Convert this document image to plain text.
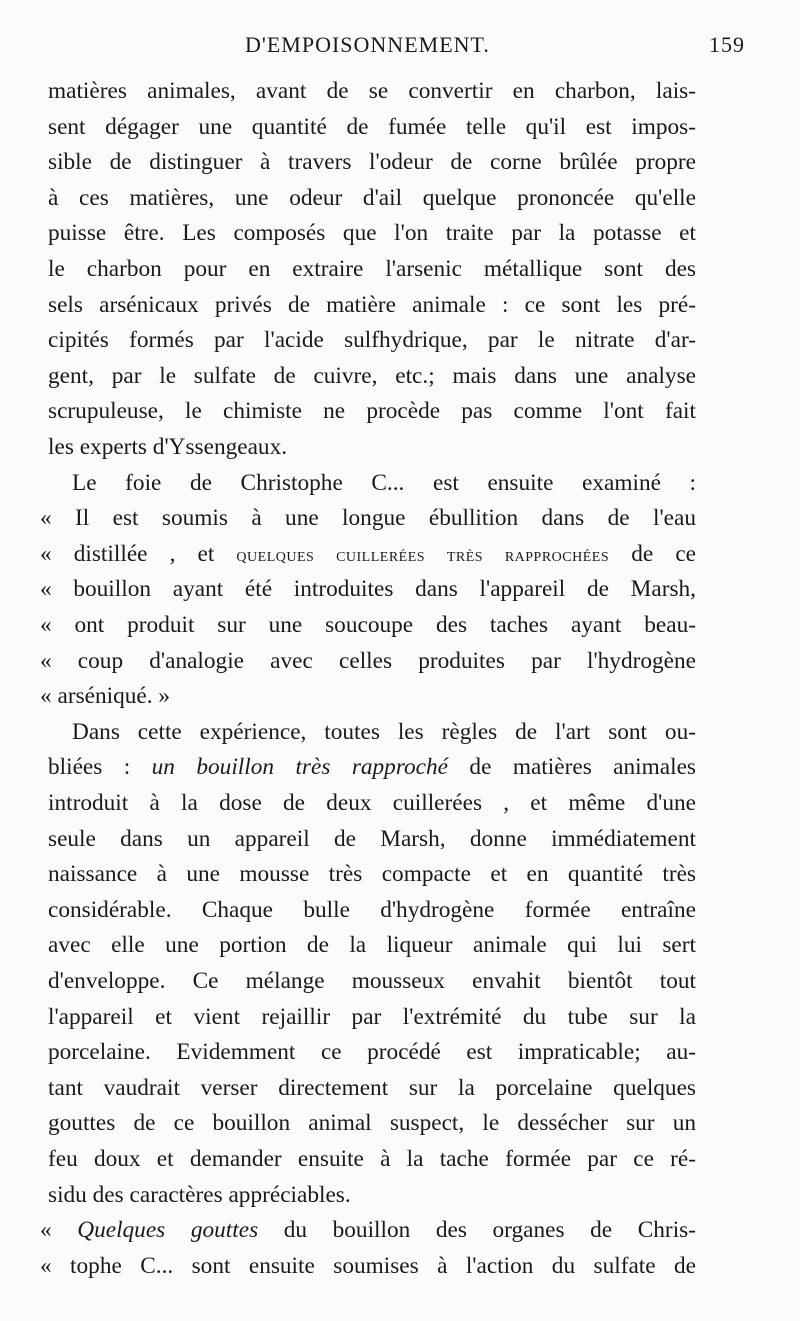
D'EMPOISONNEMENT.	159
matières animales, avant de se convertir en charbon, lais-
sent dégager une quantité de fumée telle qu'il est impos-
sible de distinguer à travers l'odeur de corne brûlée propre
à ces matières, une odeur d'ail quelque prononcée qu'elle
puisse être. Les composés que l'on traite par la potasse et
le charbon pour en extraire l'arsenic métallique sont des
sels arsénicaux privés de matière animale : ce sont les pré-
cipités formés par l'acide sulfhydrique, par le nitrate d'ar-
gent, par le sulfate de cuivre, etc.; mais dans une analyse
scrupuleuse, le chimiste ne procède pas comme l'ont fait
les experts d'Yssengeaux.
Le foie de Christophe C... est ensuite examiné :
« Il est soumis à une longue ébullition dans de l'eau
« distillée , et quelques cuillerées très rapprochées de ce
« bouillon ayant été introduites dans l'appareil de Marsh,
« ont produit sur une soucoupe des taches ayant beau-
« coup d'analogie avec celles produites par l'hydrogène
« arséniqué. »
Dans cette expérience, toutes les règles de l'art sont ou-
bliées : un bouillon très rapproché de matières animales
introduit à la dose de deux cuillerées , et même d'une
seule dans un appareil de Marsh, donne immédiatement
naissance à une mousse très compacte et en quantité très
considérable. Chaque bulle d'hydrogène formée entraîne
avec elle une portion de la liqueur animale qui lui sert
d'enveloppe. Ce mélange mousseux envahit bientôt tout
l'appareil et vient rejaillir par l'extrémité du tube sur la
porcelaine. Evidemment ce procédé est impraticable; au-
tant vaudrait verser directement sur la porcelaine quelques
gouttes de ce bouillon animal suspect, le dessécher sur un
feu doux et demander ensuite à la tache formée par ce ré-
sidu des caractères appréciables.
« Quelques gouttes du bouillon des organes de Chris-
« tophe C... sont ensuite soumises à l'action du sulfate de
